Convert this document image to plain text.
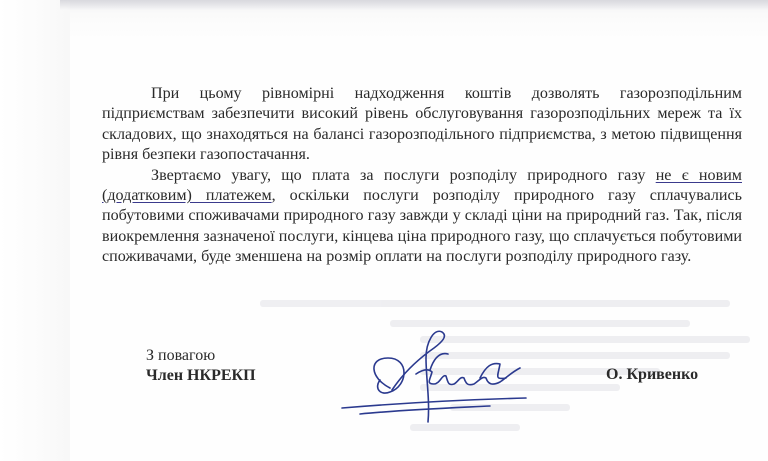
При цьому рівномірні надходження коштів дозволять газорозподільним підприємствам забезпечити високий рівень обслуговування газорозподільних мереж та їх складових, що знаходяться на балансі газорозподільного підприємства, з метою підвищення рівня безпеки газопостачання.

Звертаємо увагу, що плата за послуги розподілу природного газу не є новим (додатковим) платежем, оскільки послуги розподілу природного газу сплачувались побутовими споживачами природного газу завжди у складі ціни на природний газ. Так, після виокремлення зазначеної послуги, кінцева ціна природного газу, що сплачується побутовими споживачами, буде зменшена на розмір оплати на послуги розподілу природного газу.

З повагою
Член НКРЕКП	О. Кривенко
